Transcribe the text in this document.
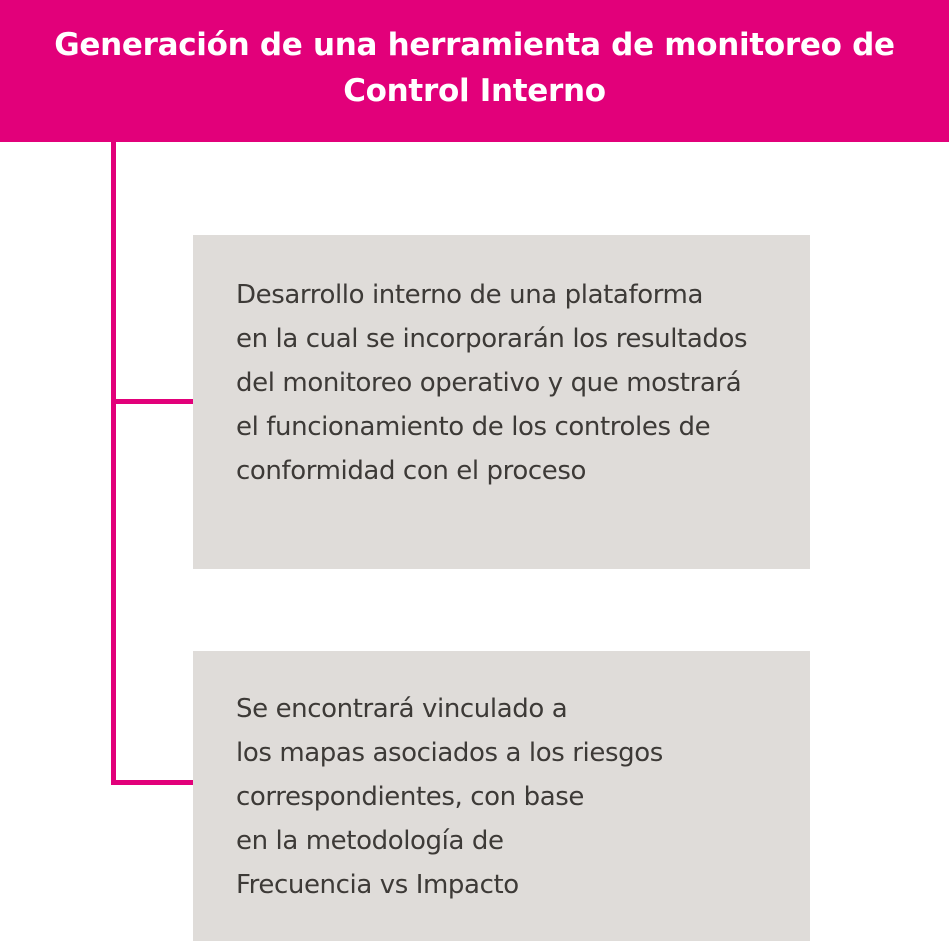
Generación de una herramienta de monitoreo de Control Interno
Desarrollo interno de una plataforma
en la cual se incorporarán los resultados
del monitoreo operativo y que mostrará
el funcionamiento de los controles de
conformidad con el proceso
Se encontrará vinculado a
los mapas asociados a los riesgos
correspondientes, con base
en la metodología de
Frecuencia vs Impacto
